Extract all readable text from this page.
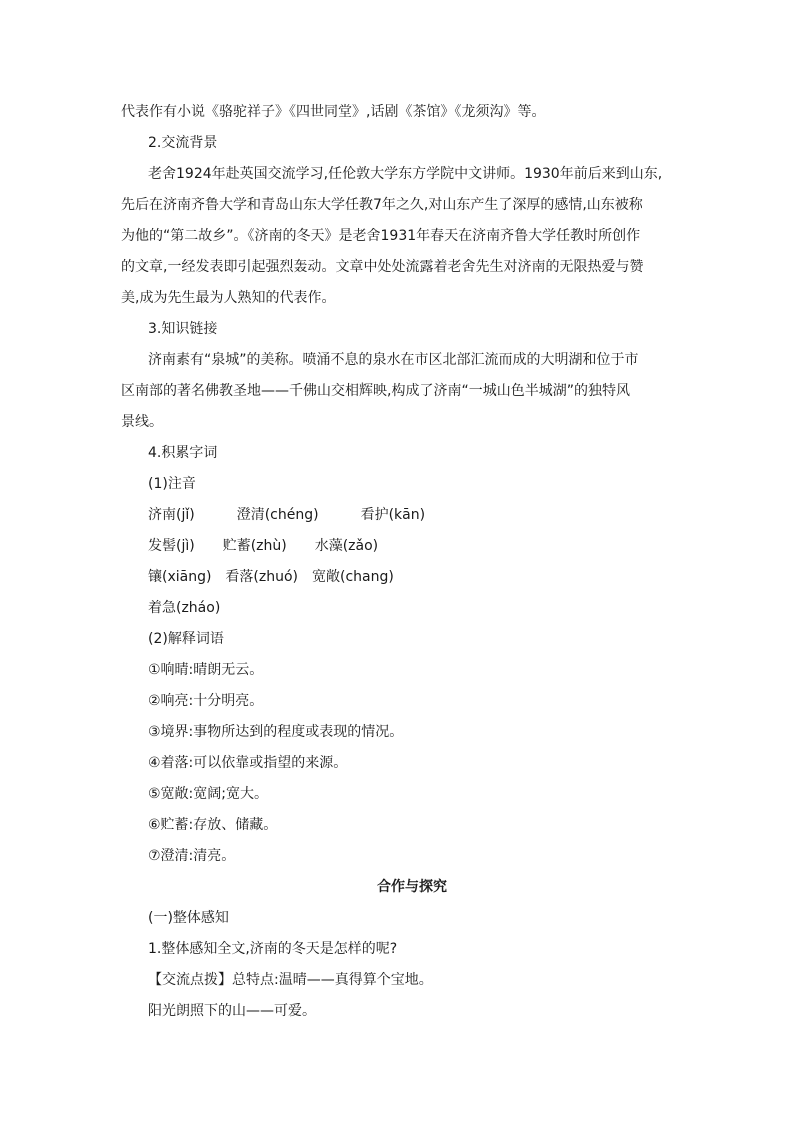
代表作有小说《骆驼祥子》《四世同堂》,话剧《茶馆》《龙须沟》等。
2.交流背景
老舍1924年赴英国交流学习,任伦敦大学东方学院中文讲师。1930年前后来到山东,
先后在济南齐鲁大学和青岛山东大学任教7年之久,对山东产生了深厚的感情,山东被称
为他的“第二故乡”。《济南的冬天》是老舍1931年春天在济南齐鲁大学任教时所创作
的文章,一经发表即引起强烈轰动。文章中处处流露着老舍先生对济南的无限热爱与赞
美,成为先生最为人熟知的代表作。
3.知识链接
济南素有“泉城”的美称。喷涌不息的泉水在市区北部汇流而成的大明湖和位于市
区南部的著名佛教圣地——千佛山交相辉映,构成了济南“一城山色半城湖”的独特风
景线。
4.积累字词
(1)注音
济南(jǐ)　　　澄清(chéng)　　　看护(kān)
发髻(jì)　　贮蓄(zhù)　　水藻(zǎo)
镶(xiāng)　看落(zhuó)　宽敞(chang)
着急(zháo)
(2)解释词语
①响晴:晴朗无云。
②响亮:十分明亮。
③境界:事物所达到的程度或表现的情况。
④着落:可以依靠或指望的来源。
⑤宽敞:宽阔;宽大。
⑥贮蓄:存放、储藏。
⑦澄清:清亮。
合作与探究
(一)整体感知
1.整体感知全文,济南的冬天是怎样的呢?
【交流点拨】总特点:温晴——真得算个宝地。
阳光朗照下的山——可爱。
